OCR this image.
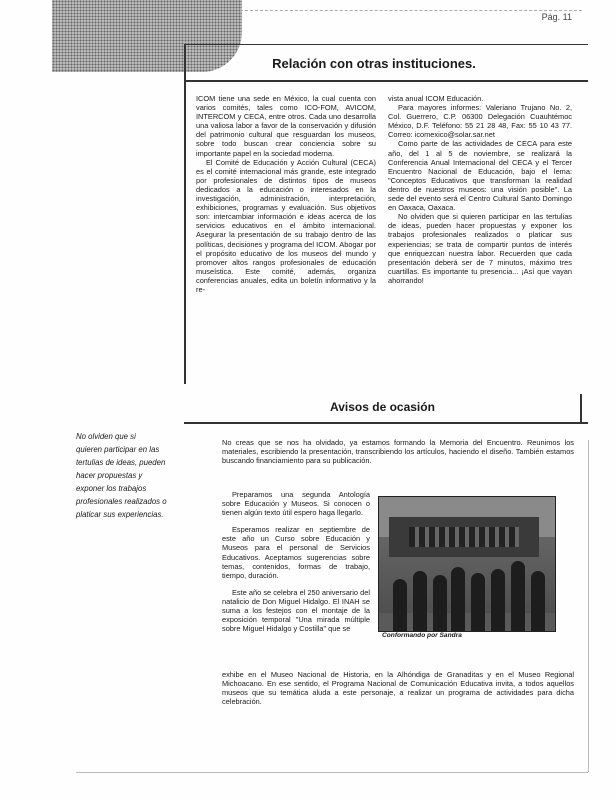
Pág. 11
Relación con otras instituciones.

ICOM tiene una sede en México, la cual cuenta con varios comités, tales como ICO-FOM, AVICOM, INTERCOM y CECA, entre otros. Cada uno desarrolla una valiosa labor a favor de la conservación y difusión del patrimonio cultural que resguardan los museos, sobre todo buscan crear conciencia sobre su importante papel en la sociedad moderna.

El Comité de Educación y Acción Cultural (CECA) es el comité internacional más grande, este integrado por profesionales de distintos tipos de museos dedicados a la educación o interesados en la investigación, administración, interpretación, exhibiciones, programas y evaluación. Sus objetivos son: intercambiar información e ideas acerca de los servicios educativos en el ámbito internacional. Asegurar la presentación de su trabajo dentro de las políticas, decisiones y programa del ICOM. Abogar por el propósito educativo de los museos del mundo y promover altos rangos profesionales de educación museística. Este comité, además, organiza conferencias anuales, edita un boletín informativo y la re-

vista anual ICOM Educación.

Para mayores informes: Valeriano Trujano No. 2, Col. Guerrero, C.P. 06300 Delegación Cuauhtémoc México, D.F. Teléfono: 55 21 28 48, Fax: 55 10 43 77. Correo: icomexico@solar.sar.net

Como parte de las actividades de CECA para este año, del 1 al 5 de noviembre, se realizará la Conferencia Anual Internacional del CECA y el Tercer Encuentro Nacional de Educación, bajo el lema: "Conceptos Educativos que transforman la realidad dentro de nuestros museos: una visión posible". La sede del evento será el Centro Cultural Santo Domingo en Oaxaca, Oaxaca.

No olviden que si quieren participar en las tertulias de ideas, pueden hacer propuestas y exponer los trabajos profesionales realizados o platicar sus experiencias; se trata de compartir puntos de interés que enriquezcan nuestra labor. Recuerden que cada presentación deberá ser de 7 minutos, máximo tres cuartillas. Es importante tu presencia... ¡Así que vayan ahorrando!

Avisos de ocasión

No olviden que si

quieren participar en las

tertulias de ideas, pueden

hacer propuestas y

exponer los trabajos

profesionales realizados o

platicar sus experiencias.

No creas que se nos ha olvidado, ya estamos formando la Memoria del Encuentro. Reunimos los materiales, escribiendo la presentación, transcribiendo los artículos, haciendo el diseño. También estamos buscando financiamiento para su publicación.

Preparamos una segunda Antología sobre Educación y Museos. Si conocen o tienen algún texto útil espero haga llegarlo.

Esperamos realizar en septiembre de este año un Curso sobre Educación y Museos para el personal de Servicios Educativos. Aceptamos sugerencias sobre temas, contenidos, formas de trabajo, tiempo, duración.

Este año se celebra el 250 aniversario del natalicio de Don Miguel Hidalgo. El INAH se suma a los festejos con el montaje de la exposición temporal "Una mirada múltiple sobre Miguel Hidalgo y Costilla" que se

Conformando por Sandra

exhibe en el Museo Nacional de Historia, en la Alhóndiga de Granaditas y en el Museo Regional Michoacano. En ese sentido, el Programa Nacional de Comunicación Educativa invita, a todos aquellos museos que su temática aluda a este personaje, a realizar un programa de actividades para dicha celebración.
